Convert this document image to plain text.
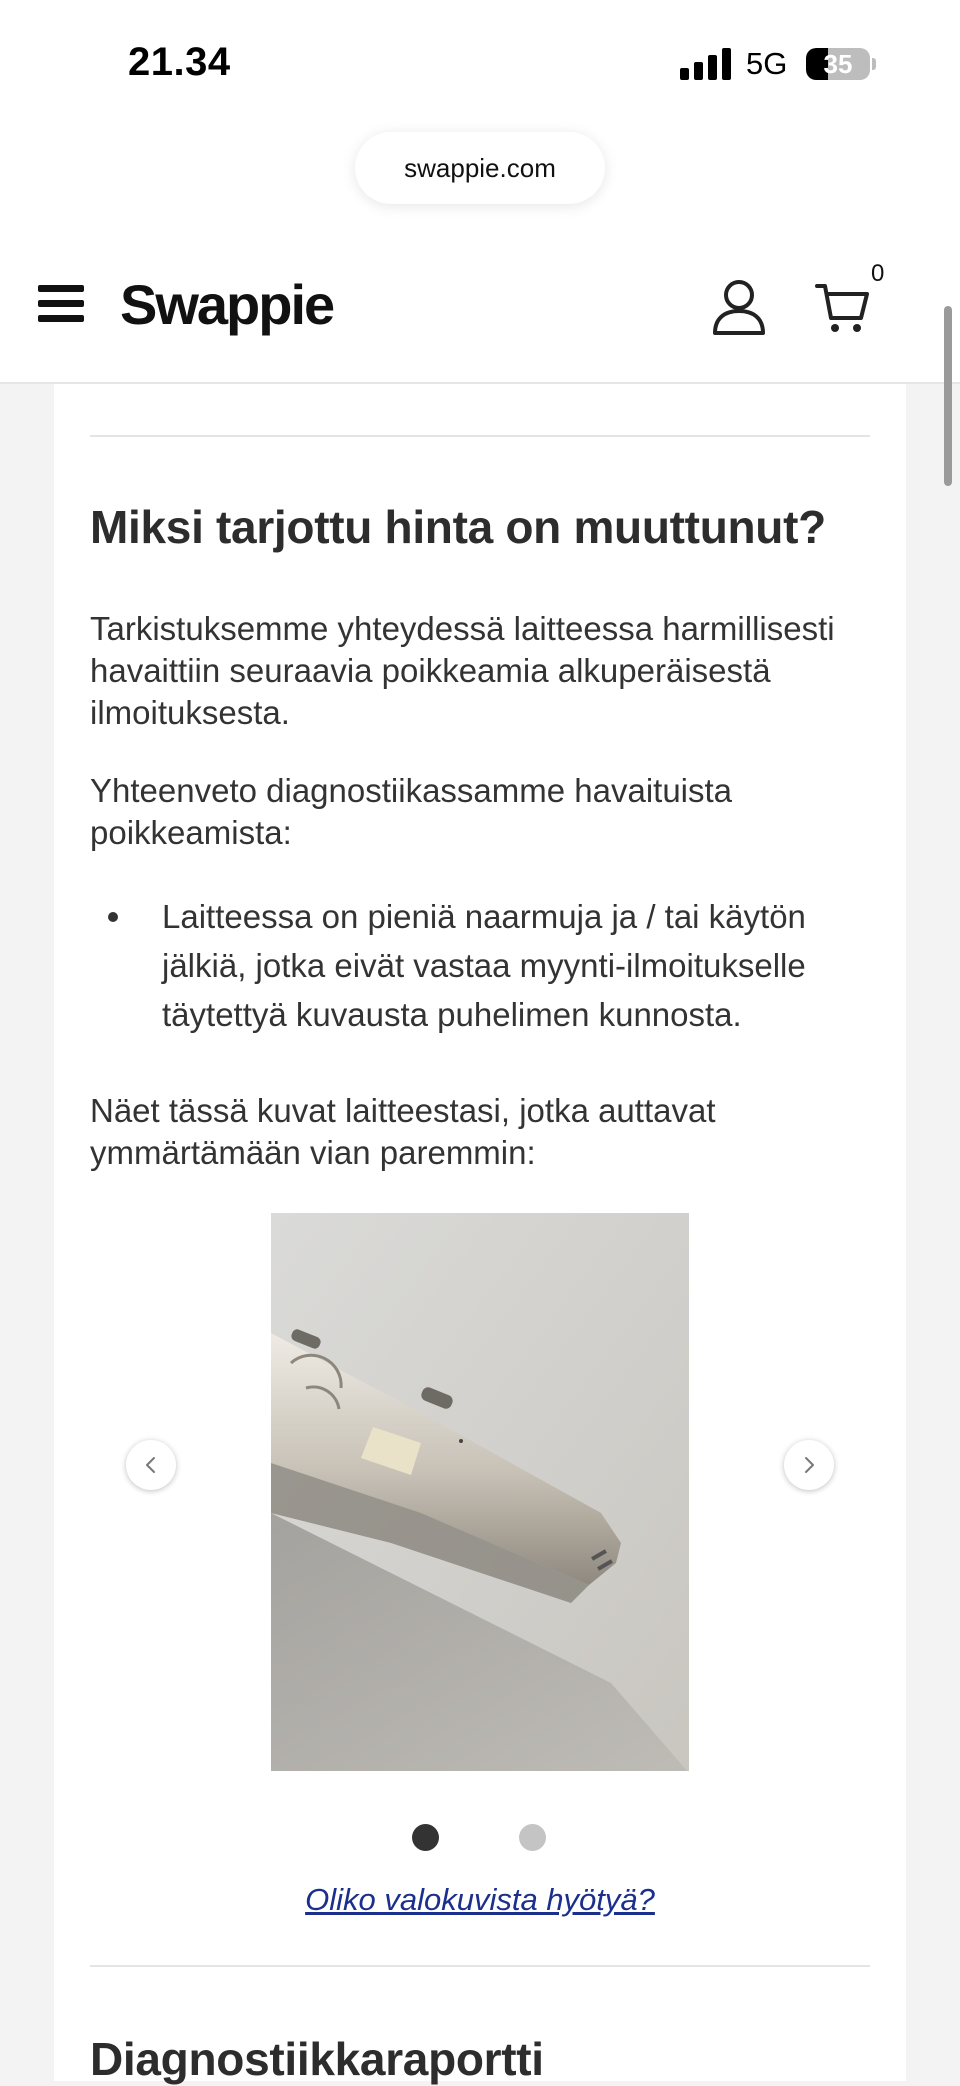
21.34	5G	35
swappie.com
Swappie	0
Miksi tarjottu hinta on muuttunut?
Tarkistuksemme yhteydessä laitteessa harmillisesti havaittiin seuraavia poikkeamia alkuperäisestä ilmoituksesta.
Yhteenveto diagnostiikassamme havaituista poikkeamista:
Laitteessa on pieniä naarmuja ja / tai käytön jälkiä, jotka eivät vastaa myynti-ilmoitukselle täytettyä kuvausta puhelimen kunnosta.
Näet tässä kuvat laitteestasi, jotka auttavat ymmärtämään vian paremmin:
Oliko valokuvista hyötyä?
Diagnostiikkaraportti
